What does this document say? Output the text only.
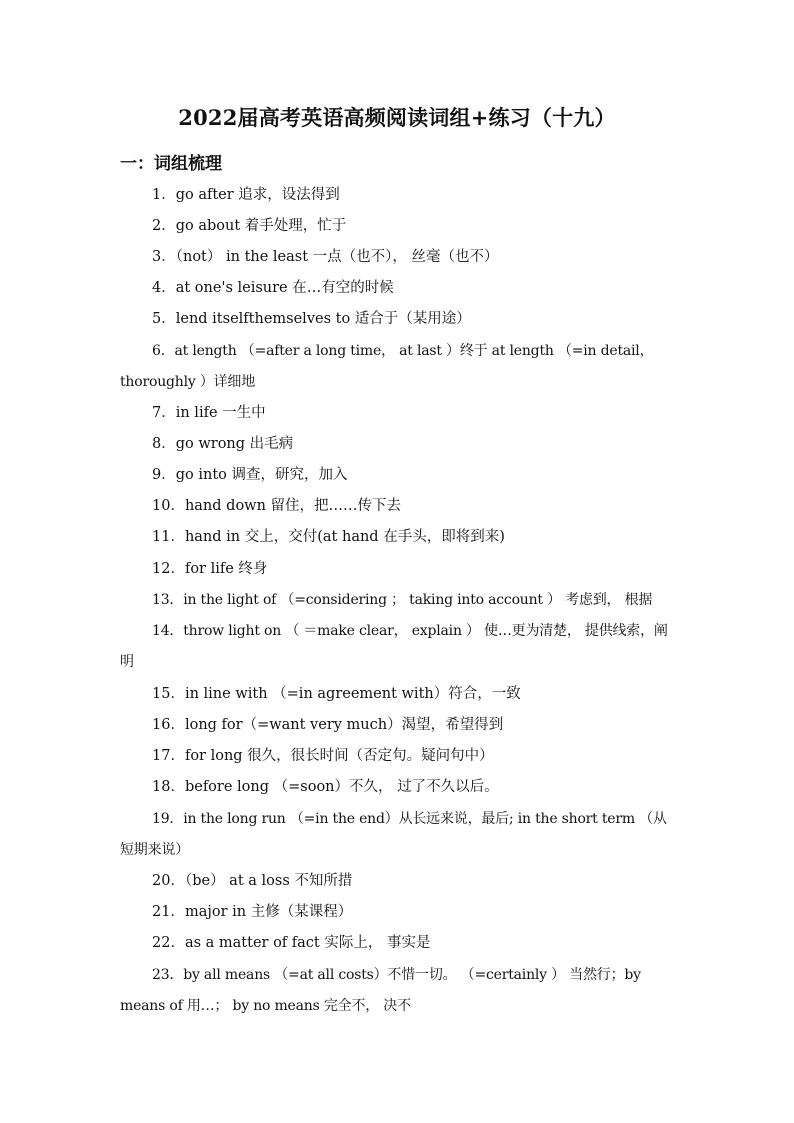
2022届高考英语高频阅读词组+练习（十九）
一：词组梳理
1．go after 追求，设法得到
2．go about 着手处理，忙于
3．（not） in the least 一点（也不）， 丝毫（也不）
4．at one's leisure 在…有空的时候
5．lend itselfthemselves to 适合于（某用途）
6．at length （=after a long time， at last ）终于 at length （=in detail，thoroughly ）详细地
7．in life 一生中
8．go wrong 出毛病
9．go into 调查，研究，加入
10．hand down 留住，把……传下去
11．hand in 交上，交付(at hand 在手头，即将到来)
12．for life 终身
13．in the light of （=considering ； taking into account ） 考虑到， 根据
14．throw light on （ ＝make clear， explain ） 使…更为清楚， 提供线索，阐明
15．in line with （=in agreement with）符合，一致
16．long for（=want very much）渴望，希望得到
17．for long 很久，很长时间（否定句。疑问句中）
18．before long （=soon）不久， 过了不久以后。
19．in the long run （=in the end）从长远来说，最后; in the short term （从短期来说）
20．（be） at a loss 不知所措
21．major in 主修（某课程）
22．as a matter of fact 实际上， 事实是
23．by all means （=at all costs）不惜一切。 （=certainly ） 当然行；by means of 用…； by no means 完全不， 决不
